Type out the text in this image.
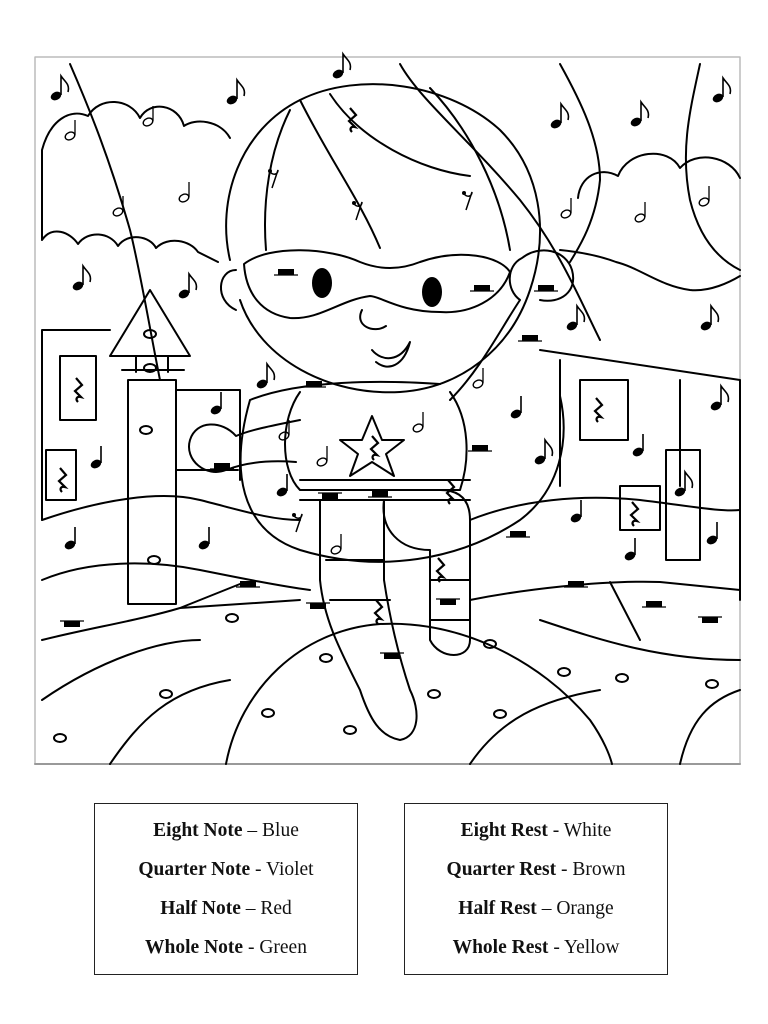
Eight Note – Blue
Quarter Note - Violet
Half Note – Red
Whole Note - Green
Eight Rest - White
Quarter Rest - Brown
Half Rest – Orange
Whole Rest - Yellow
